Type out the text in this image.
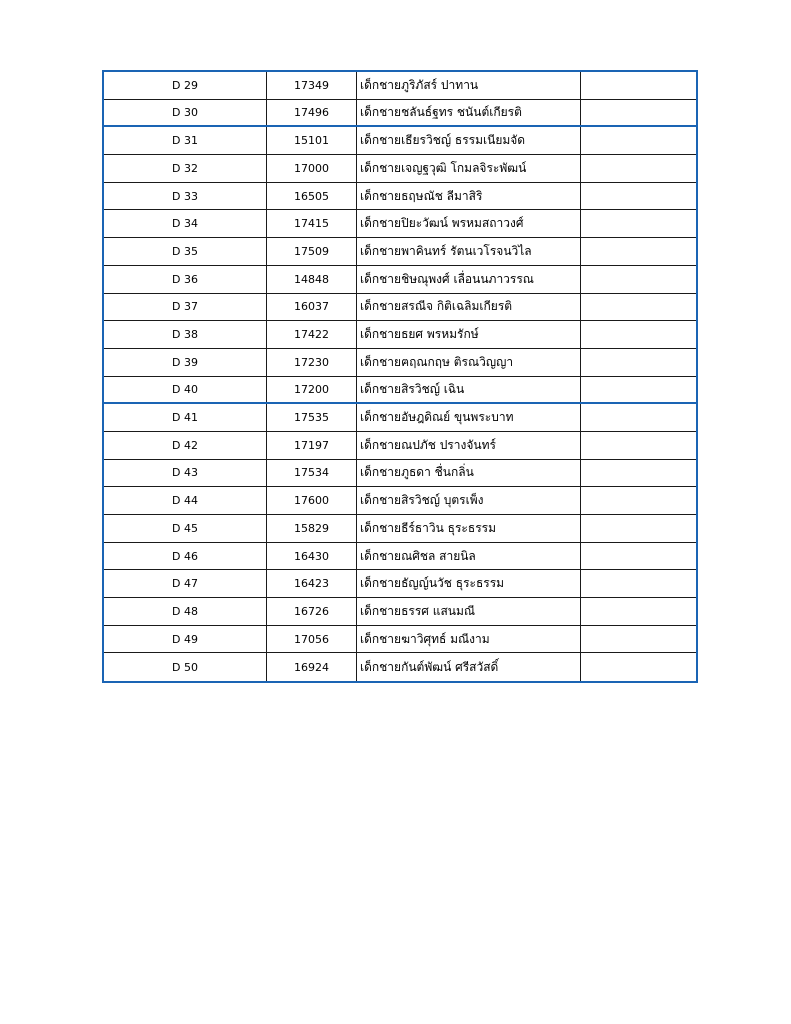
D 29	17349	เด็กชายภูริภัสร์ ปาทาน
D 30	17496	เด็กชายชลันธ์ฐทร ชนันต์เกียรติ
D 31	15101	เด็กชายเธียรวิชญ์ ธรรมเนียมจัด
D 32	17000	เด็กชายเจญฐวุฒิ โกมลจิระพัฒน์
D 33	16505	เด็กชายธฤษณัช ลีมาสิริ
D 34	17415	เด็กชายปิยะวัฒน์ พรหมสถาวงศ์
D 35	17509	เด็กชายพาคินทร์ รัตนเวโรจนวิไล
D 36	14848	เด็กชายชิษณุพงศ์ เลื่อนนภาวรรณ
D 37	16037	เด็กชายสรณีจ กิติเฉลิมเกียรติ
D 38	17422	เด็กชายธยศ พรหมรักษ์
D 39	17230	เด็กชายฅฤณกฤษ ติรณวิญญา
D 40	17200	เด็กชายสิรวิชญ์ เฉิน
D 41	17535	เด็กชายอัษฎดิณย์ ขุนพระบาท
D 42	17197	เด็กชายณปภัช ปรางจันทร์
D 43	17534	เด็กชายภูธดา ชื่นกลิ่น
D 44	17600	เด็กชายสิรวิชญ์ บุตรเพ็ง
D 45	15829	เด็กชายธีร์ธาวิน ธุระธรรม
D 46	16430	เด็กชายณศิชล สายนิล
D 47	16423	เด็กชายธัญญ์นวัช ธุระธรรม
D 48	16726	เด็กชายธรรศ แสนมณี
D 49	17056	เด็กชายฆาวิศุทธ์ มณีงาม
D 50	16924	เด็กชายกันต์พัฒน์ ศรีสวัสดิ์
